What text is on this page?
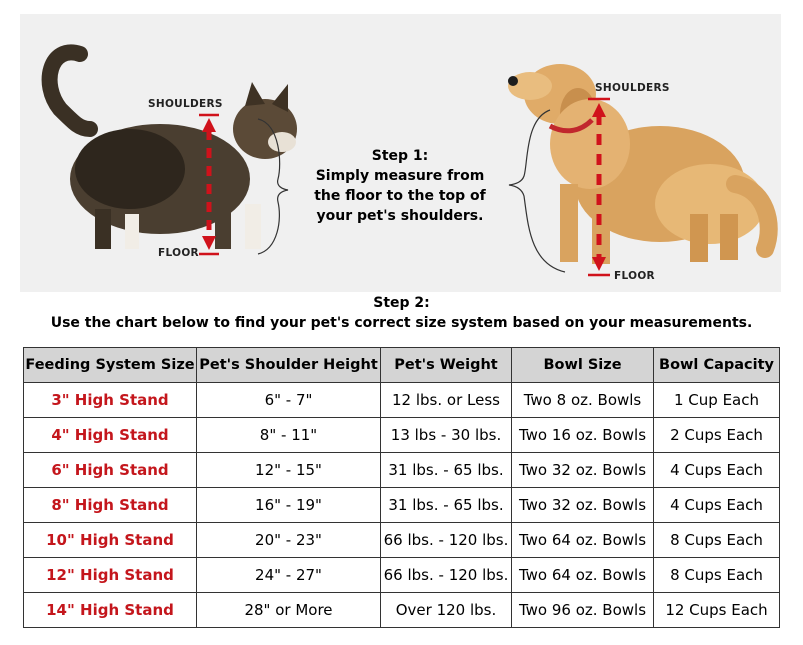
SHOULDERS
FLOOR
SHOULDERS
FLOOR
Step 1:
Simply measure from
the floor to the top of
your pet's shoulders.
Step 2:
Use the chart below to find your pet's correct size system based on your measurements.
Feeding System Size	Pet's Shoulder Height	Pet's Weight	Bowl Size	Bowl Capacity
3" High Stand	6" - 7"	12 lbs. or Less	Two 8 oz. Bowls	1 Cup Each
4" High Stand	8" - 11"	13 lbs - 30 lbs.	Two 16 oz. Bowls	2 Cups Each
6" High Stand	12" - 15"	31 lbs. - 65 lbs.	Two 32 oz. Bowls	4 Cups Each
8" High Stand	16" - 19"	31 lbs. - 65 lbs.	Two 32 oz. Bowls	4 Cups Each
10" High Stand	20" - 23"	66 lbs. - 120 lbs.	Two 64 oz. Bowls	8 Cups Each
12" High Stand	24" - 27"	66 lbs. - 120 lbs.	Two 64 oz. Bowls	8 Cups Each
14" High Stand	28" or More	Over 120 lbs.	Two 96 oz. Bowls	12 Cups Each
